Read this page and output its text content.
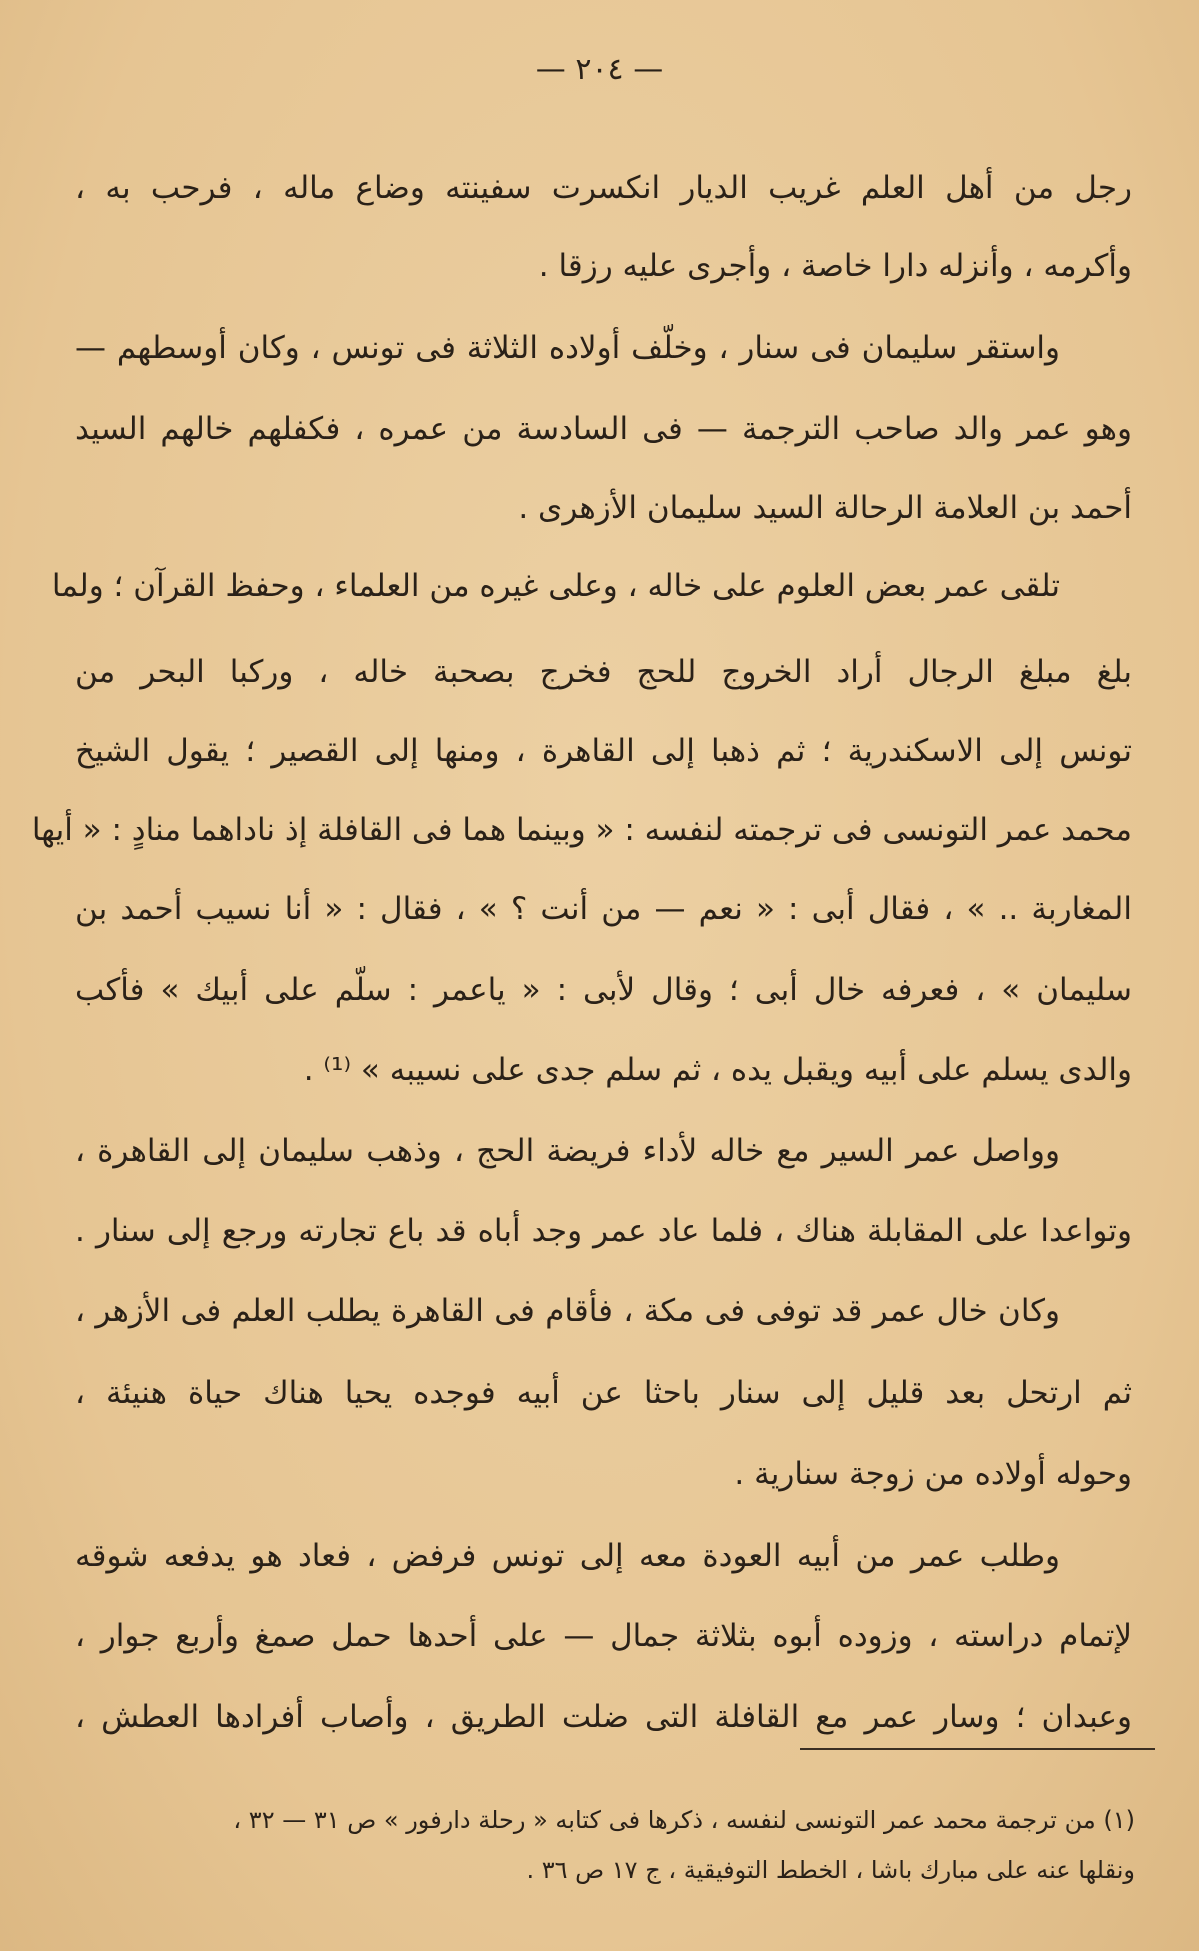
— ٢٠٤ —
رجل من أهل العلم غريب الديار انكسرت سفينته وضاع ماله ، فرحب به ،
وأكرمه ، وأنزله دارا خاصة ، وأجرى عليه رزقا .
واستقر سليمان فى سنار ، وخلّف أولاده الثلاثة فى تونس ، وكان أوسطهم —
وهو عمر والد صاحب الترجمة — فى السادسة من عمره ، فكفلهم خالهم السيد
أحمد بن العلامة الرحالة السيد سليمان الأزهرى .
تلقى عمر بعض العلوم على خاله ، وعلى غيره من العلماء ، وحفظ القرآن ؛ ولما
بلغ مبلغ الرجال أراد الخروج للحج فخرج بصحبة خاله ، وركبا البحر من
تونس إلى الاسكندرية ؛ ثم ذهبا إلى القاهرة ، ومنها إلى القصير ؛ يقول الشيخ
محمد عمر التونسى فى ترجمته لنفسه : « وبينما هما فى القافلة إذ ناداهما منادٍ : « أيها
المغاربة .. » ، فقال أبى : « نعم — من أنت ؟ » ، فقال : « أنا نسيب أحمد بن
سليمان » ، فعرفه خال أبى ؛ وقال لأبى : « ياعمر : سلّم على أبيك » فأكب
والدى يسلم على أبيه ويقبل يده ، ثم سلم جدى على نسيبه » ⁽¹⁾ .
وواصل عمر السير مع خاله لأداء فريضة الحج ، وذهب سليمان إلى القاهرة ،
وتواعدا على المقابلة هناك ، فلما عاد عمر وجد أباه قد باع تجارته ورجع إلى سنار .
وكان خال عمر قد توفى فى مكة ، فأقام فى القاهرة يطلب العلم فى الأزهر ،
ثم ارتحل بعد قليل إلى سنار باحثا عن أبيه فوجده يحيا هناك حياة هنيئة ،
وحوله أولاده من زوجة سنارية .
وطلب عمر من أبيه العودة معه إلى تونس فرفض ، فعاد هو يدفعه شوقه
لإتمام دراسته ، وزوده أبوه بثلاثة جمال — على أحدها حمل صمغ وأربع جوار ،
وعبدان ؛ وسار عمر مع القافلة التى ضلت الطريق ، وأصاب أفرادها العطش ،
(١) من ترجمة محمد عمر التونسى لنفسه ، ذكرها فى كتابه « رحلة دارفور » ص ٣١ — ٣٢ ،
ونقلها عنه على مبارك باشا ، الخطط التوفيقية ، ج ١٧ ص ٣٦ .
